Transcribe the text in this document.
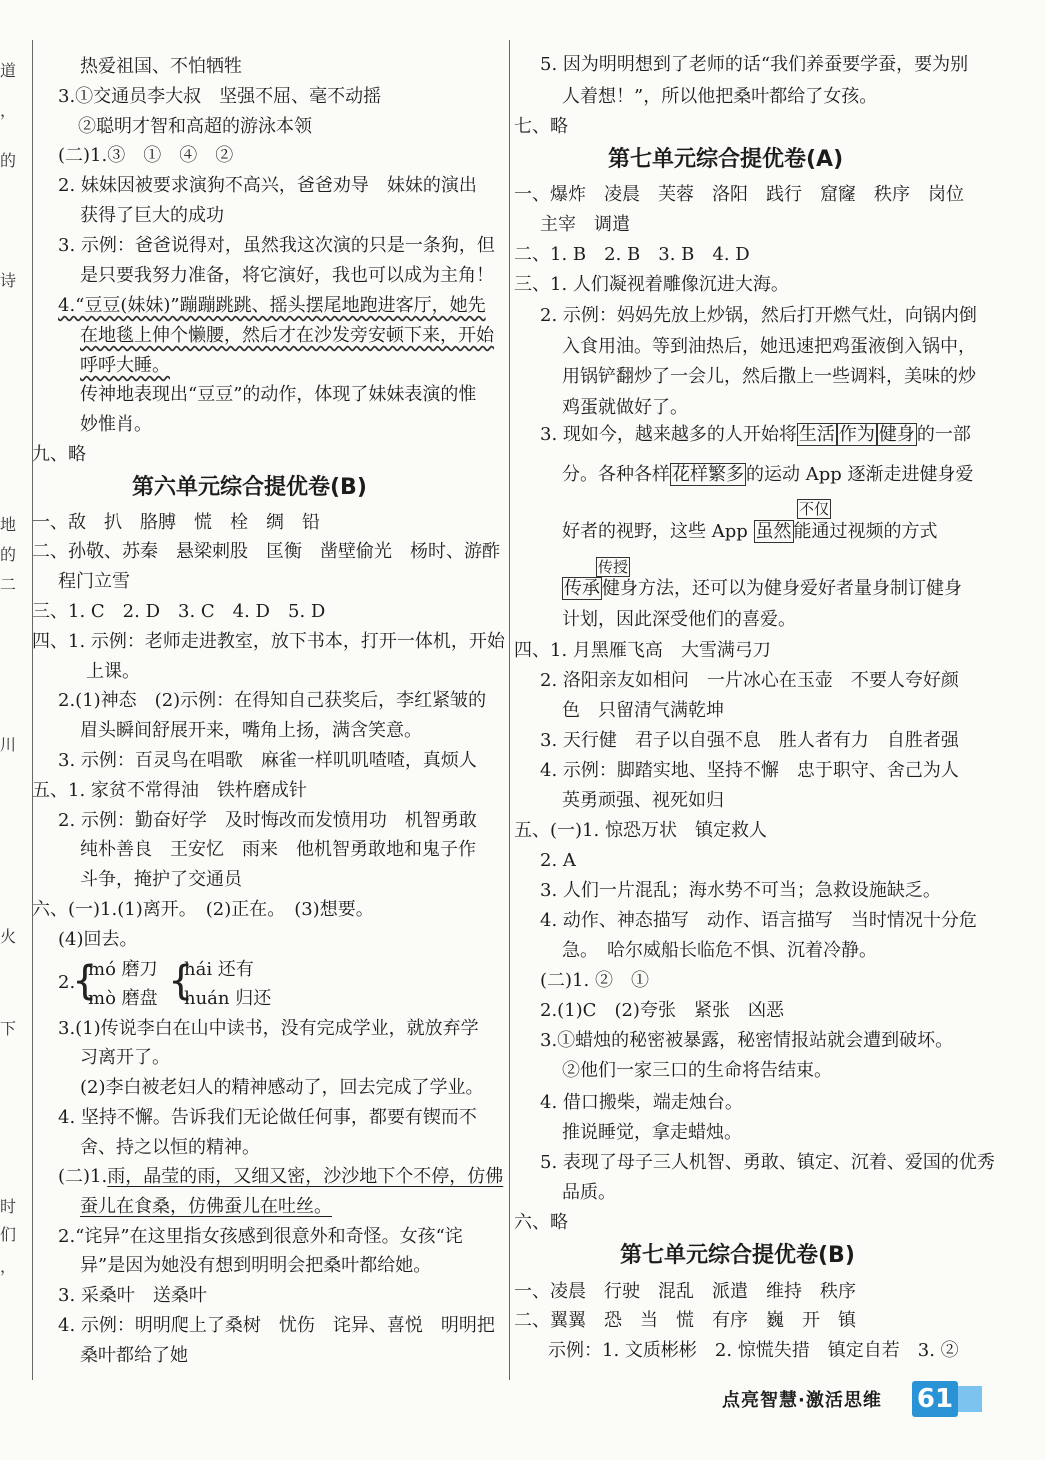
道
，
的
诗
地
的
二
川
火
下
时
们
，
热爱祖国、不怕牺牲
3.①交通员李大叔　坚强不屈、毫不动摇
②聪明才智和高超的游泳本领
(二)1.③　①　④　②
2. 妹妹因被要求演狗不高兴，爸爸劝导　妹妹的演出
获得了巨大的成功
3. 示例：爸爸说得对，虽然我这次演的只是一条狗，但
是只要我努力准备，将它演好，我也可以成为主角！
4.“豆豆(妹妹)”蹦蹦跳跳、摇头摆尾地跑进客厅，她先
在地毯上伸个懒腰，然后才在沙发旁安顿下来，开始
呼呼大睡。
传神地表现出“豆豆”的动作，体现了妹妹表演的惟
妙惟肖。
九、略
第六单元综合提优卷(B)
一、敌　扒　胳膊　慌　栓　绸　铅
二、孙敬、苏秦　悬梁刺股　匡衡　凿壁偷光　杨时、游酢
程门立雪
三、1. C　2. D　3. C　4. D　5. D
四、1. 示例：老师走进教室，放下书本，打开一体机，开始
上课。
2.(1)神态　(2)示例：在得知自己获奖后，李红紧皱的
眉头瞬间舒展开来，嘴角上扬，满含笑意。
3. 示例：百灵鸟在唱歌　麻雀一样叽叽喳喳，真烦人
五、1. 家贫不常得油　铁杵磨成针
2. 示例：勤奋好学　及时悔改而发愤用功　机智勇敢
纯朴善良　王安忆　雨来　他机智勇敢地和鬼子作
斗争，掩护了交通员
六、(一)1.(1)离开。　(2)正在。　(3)想要。
(4)回去。
2.
{
mó 磨刀
mò 磨盘 {
hái 还有
huán 归还
3.(1)传说李白在山中读书，没有完成学业，就放弃学
习离开了。
(2)李白被老妇人的精神感动了，回去完成了学业。
4. 坚持不懈。告诉我们无论做任何事，都要有锲而不
舍、持之以恒的精神。
(二)1.雨，晶莹的雨，又细又密，沙沙地下个不停，仿佛
蚕儿在食桑，仿佛蚕儿在吐丝。
2.“诧异”在这里指女孩感到很意外和奇怪。女孩“诧
异”是因为她没有想到明明会把桑叶都给她。
3. 采桑叶　送桑叶
4. 示例：明明爬上了桑树　忧伤　诧异、喜悦　明明把
桑叶都给了她
5. 因为明明想到了老师的话“我们养蚕要学蚕，要为别
人着想！”，所以他把桑叶都给了女孩。
七、略
第七单元综合提优卷(A)
一、爆炸　凌晨　芙蓉　洛阳　践行　窟窿　秩序　岗位
主宰　调遣
二、1. B　2. B　3. B　4. D
三、1. 人们凝视着雕像沉进大海。
2. 示例：妈妈先放上炒锅，然后打开燃气灶，向锅内倒
入食用油。等到油热后，她迅速把鸡蛋液倒入锅中，
用锅铲翻炒了一会儿，然后撒上一些调料，美味的炒
鸡蛋就做好了。
3. 现如今，越来越多的人开始将 生活 作为 健身 的一部
分。各种各样 花样繁多 的运动 App 逐渐走进健身爱
不仅
好者的视野，这些 App 虽然 能通过视频的方式
传授
传承 健身方法，还可以为健身爱好者量身制订健身
计划，因此深受他们的喜爱。
四、1. 月黑雁飞高　大雪满弓刀
2. 洛阳亲友如相问　一片冰心在玉壶　不要人夸好颜
色　只留清气满乾坤
3. 天行健　君子以自强不息　胜人者有力　自胜者强
4. 示例：脚踏实地、坚持不懈　忠于职守、舍己为人
英勇顽强、视死如归
五、(一)1. 惊恐万状　镇定救人
2. A
3. 人们一片混乱；海水势不可当；急救设施缺乏。
4. 动作、神态描写　动作、语言描写　当时情况十分危
急。　哈尔威船长临危不惧、沉着冷静。
(二)1. ②　①
2.(1)C　(2)夸张　紧张　凶恶
3.①蜡烛的秘密被暴露，秘密情报站就会遭到破坏。
②他们一家三口的生命将告结束。
4. 借口搬柴，端走烛台。
推说睡觉，拿走蜡烛。
5. 表现了母子三人机智、勇敢、镇定、沉着、爱国的优秀
品质。
六、略
第七单元综合提优卷(B)
一、凌晨　行驶　混乱　派遣　维持　秩序
二、翼翼　恐　当　慌　有序　巍　开　镇
示例：1. 文质彬彬　2. 惊慌失措　镇定自若　3. ②
点亮智慧·激活思维 61
